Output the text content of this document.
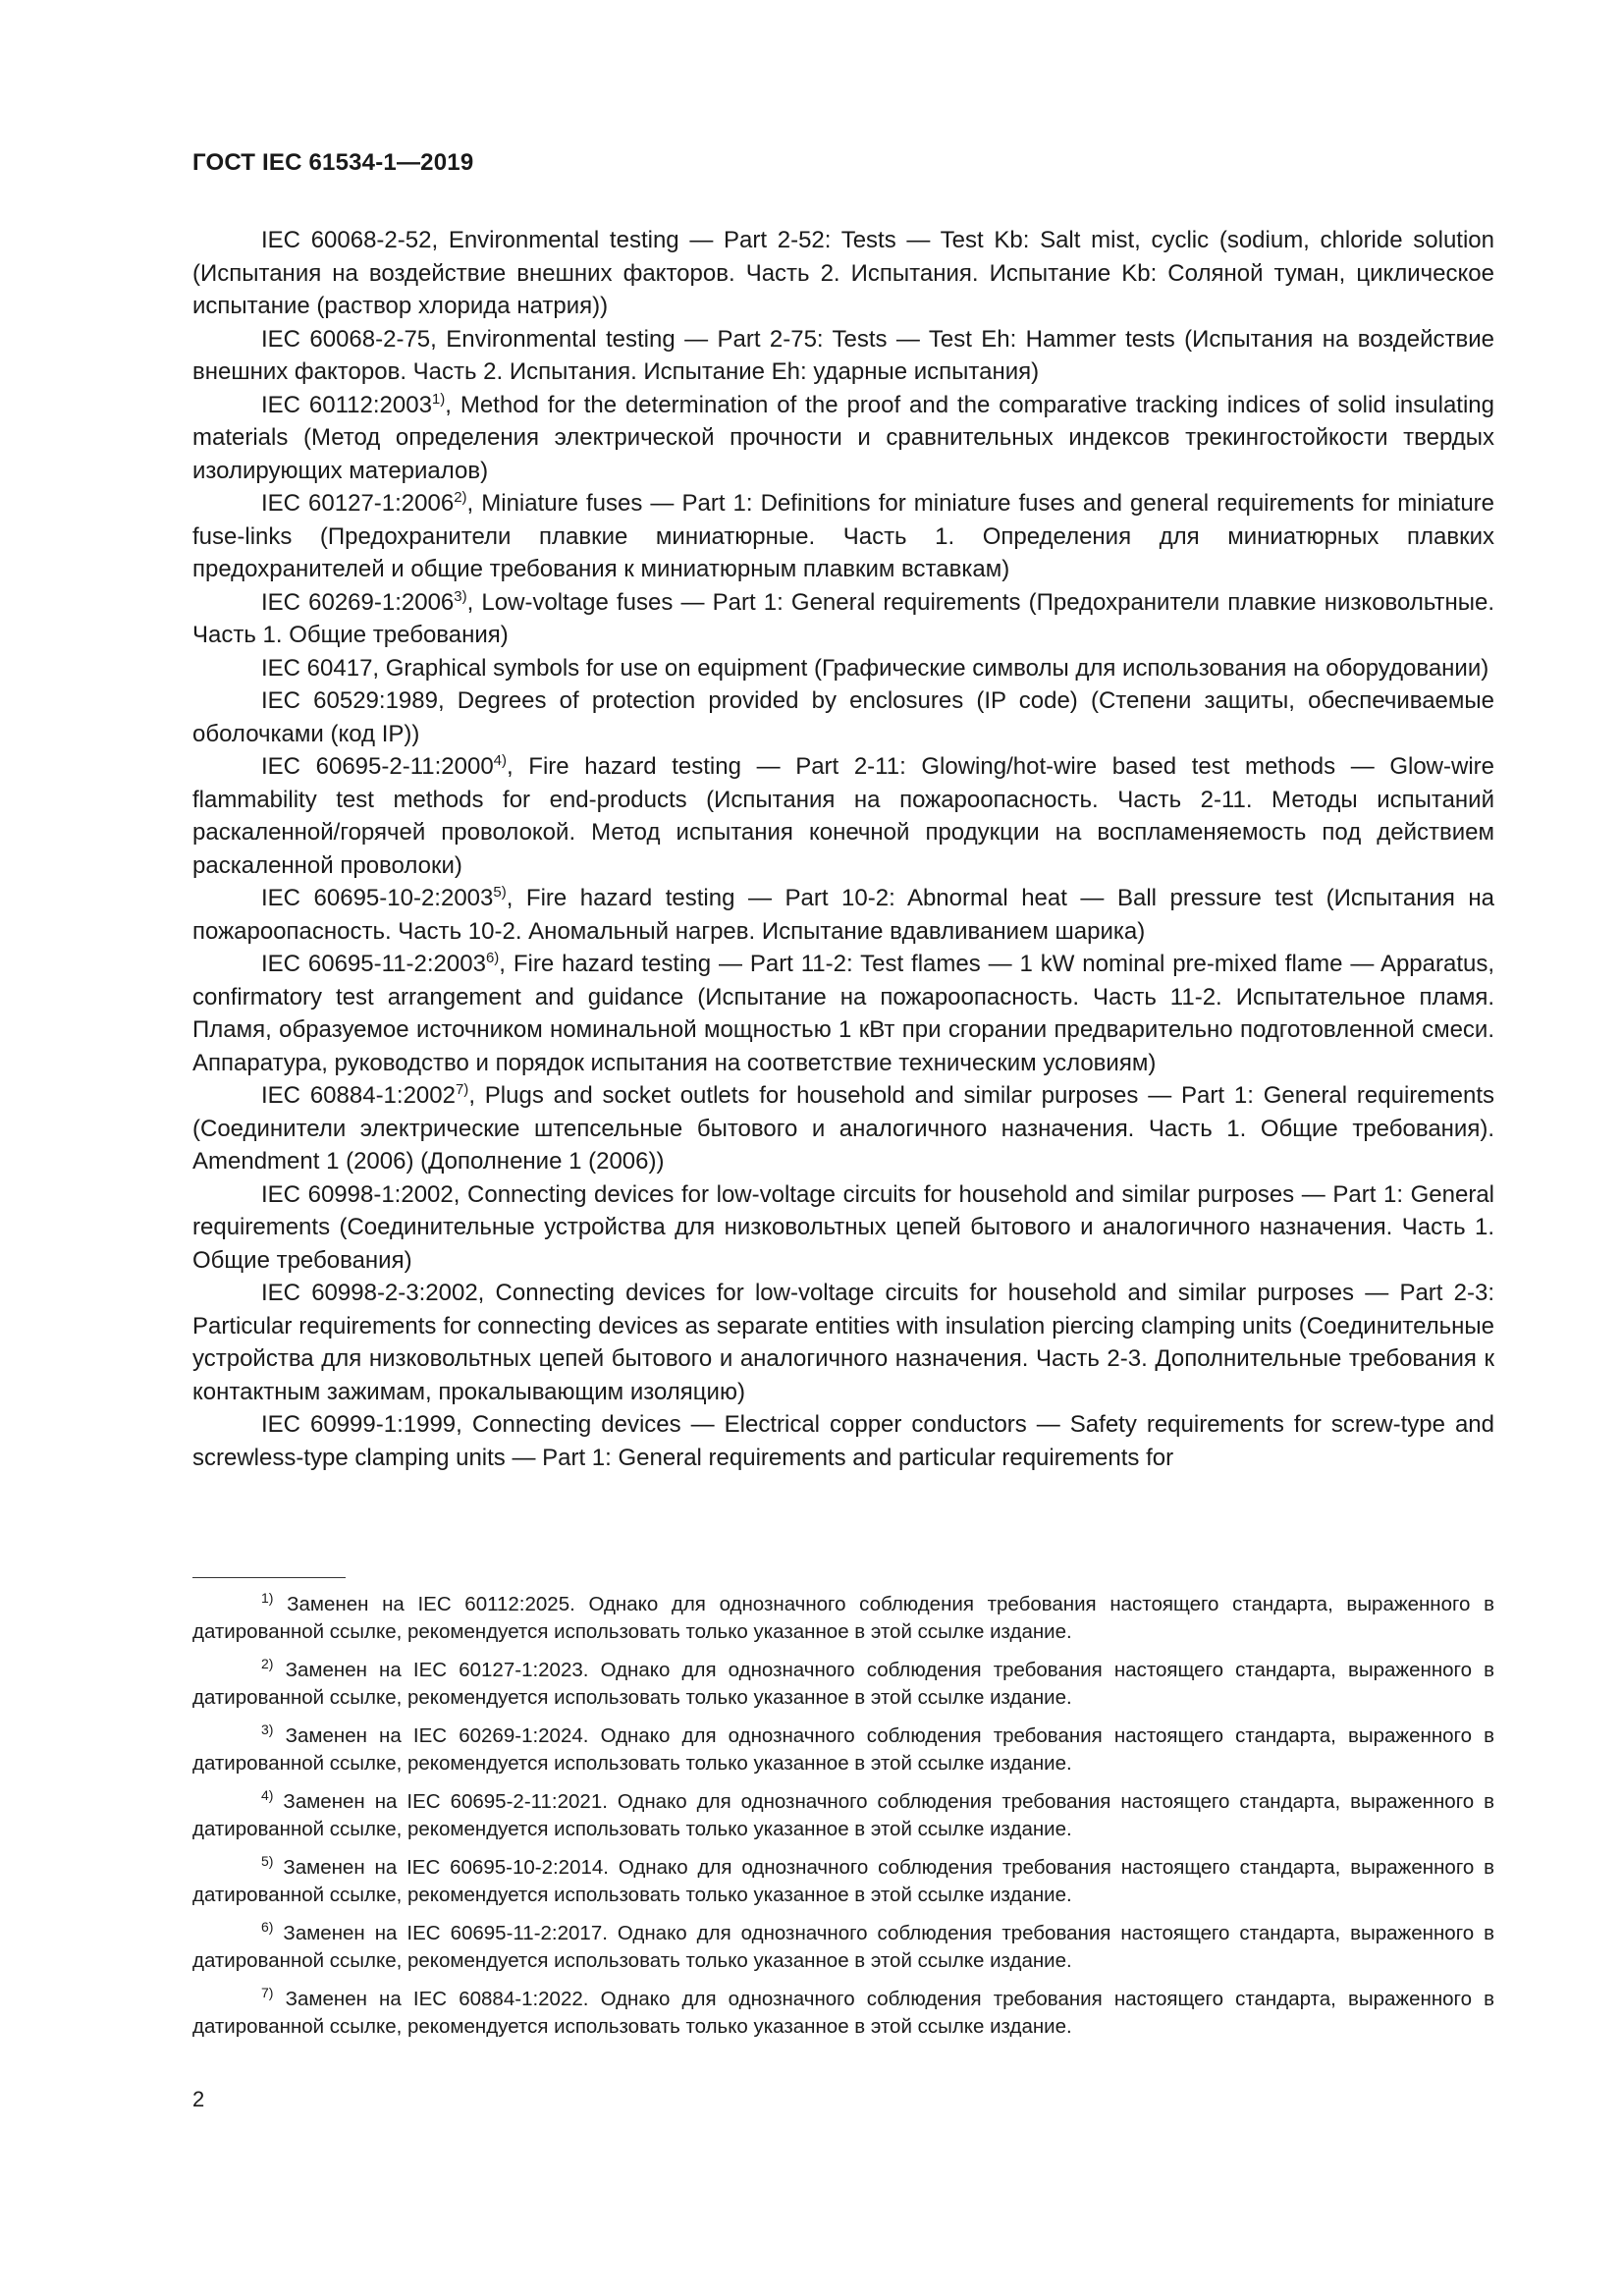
ГОСТ IEC 61534-1—2019

IEC 60068-2-52, Environmental testing — Part 2-52: Tests — Test Kb: Salt mist, cyclic (sodium, chloride solution (Испытания на воздействие внешних факторов. Часть 2. Испытания. Испытание Kb: Соляной туман, циклическое испытание (раствор хлорида натрия))

IEC 60068-2-75, Environmental testing — Part 2-75: Tests — Test Eh: Hammer tests (Испытания на воздействие внешних факторов. Часть 2. Испытания. Испытание Eh: ударные испытания)

IEC 60112:2003$^{1)}$, Method for the determination of the proof and the comparative tracking indices of solid insulating materials (Метод определения электрической прочности и сравнительных индексов трекингостойкости твердых изолирующих материалов)

IEC 60127-1:2006$^{2)}$, Miniature fuses — Part 1: Definitions for miniature fuses and general requirements for miniature fuse-links (Предохранители плавкие миниатюрные. Часть 1. Определения для миниатюрных плавких предохранителей и общие требования к миниатюрным плавким вставкам)

IEC 60269-1:2006$^{3)}$, Low-voltage fuses — Part 1: General requirements (Предохранители плавкие низковольтные. Часть 1. Общие требования)

IEC 60417, Graphical symbols for use on equipment (Графические символы для использования на оборудовании)

IEC 60529:1989, Degrees of protection provided by enclosures (IP code) (Степени защиты, обеспечиваемые оболочками (код IP))

IEC 60695-2-11:2000$^{4)}$, Fire hazard testing — Part 2-11: Glowing/hot-wire based test methods — Glow-wire flammability test methods for end-products (Испытания на пожароопасность. Часть 2-11. Методы испытаний раскаленной/горячей проволокой. Метод испытания конечной продукции на воспламеняемость под действием раскаленной проволоки)

IEC 60695-10-2:2003$^{5)}$, Fire hazard testing — Part 10-2: Abnormal heat — Ball pressure test (Испытания на пожароопасность. Часть 10-2. Аномальный нагрев. Испытание вдавливанием шарика)

IEC 60695-11-2:2003$^{6)}$, Fire hazard testing — Part 11-2: Test flames — 1 kW nominal pre-mixed flame — Apparatus, confirmatory test arrangement and guidance (Испытание на пожароопасность. Часть 11-2. Испытательное пламя. Пламя, образуемое источником номинальной мощностью 1 кВт при сгорании предварительно подготовленной смеси. Аппаратура, руководство и порядок испытания на соответствие техническим условиям)

IEC 60884-1:2002$^{7)}$, Plugs and socket outlets for household and similar purposes — Part 1: General requirements (Соединители электрические штепсельные бытового и аналогичного назначения. Часть 1. Общие требования). Amendment 1 (2006) (Дополнение 1 (2006))

IEC 60998-1:2002, Connecting devices for low-voltage circuits for household and similar purposes — Part 1: General requirements (Соединительные устройства для низковольтных цепей бытового и аналогичного назначения. Часть 1. Общие требования)

IEC 60998-2-3:2002, Connecting devices for low-voltage circuits for household and similar purposes — Part 2-3: Particular requirements for connecting devices as separate entities with insulation piercing clamping units (Соединительные устройства для низковольтных цепей бытового и аналогичного назначения. Часть 2-3. Дополнительные требования к контактным зажимам, прокалывающим изоляцию)

IEC 60999-1:1999, Connecting devices — Electrical copper conductors — Safety requirements for screw-type and screwless-type clamping units — Part 1: General requirements and particular requirements for

$^{1)}$ Заменен на IEC 60112:2025. Однако для однозначного соблюдения требования настоящего стандарта, выраженного в датированной ссылке, рекомендуется использовать только указанное в этой ссылке издание.

$^{2)}$ Заменен на IEC 60127-1:2023. Однако для однозначного соблюдения требования настоящего стандарта, выраженного в датированной ссылке, рекомендуется использовать только указанное в этой ссылке издание.

$^{3)}$ Заменен на IEC 60269-1:2024. Однако для однозначного соблюдения требования настоящего стандарта, выраженного в датированной ссылке, рекомендуется использовать только указанное в этой ссылке издание.

$^{4)}$ Заменен на IEC 60695-2-11:2021. Однако для однозначного соблюдения требования настоящего стандарта, выраженного в датированной ссылке, рекомендуется использовать только указанное в этой ссылке издание.

$^{5)}$ Заменен на IEC 60695-10-2:2014. Однако для однозначного соблюдения требования настоящего стандарта, выраженного в датированной ссылке, рекомендуется использовать только указанное в этой ссылке издание.

$^{6)}$ Заменен на IEC 60695-11-2:2017. Однако для однозначного соблюдения требования настоящего стандарта, выраженного в датированной ссылке, рекомендуется использовать только указанное в этой ссылке издание.

$^{7)}$ Заменен на IEC 60884-1:2022. Однако для однозначного соблюдения требования настоящего стандарта, выраженного в датированной ссылке, рекомендуется использовать только указанное в этой ссылке издание.

2
